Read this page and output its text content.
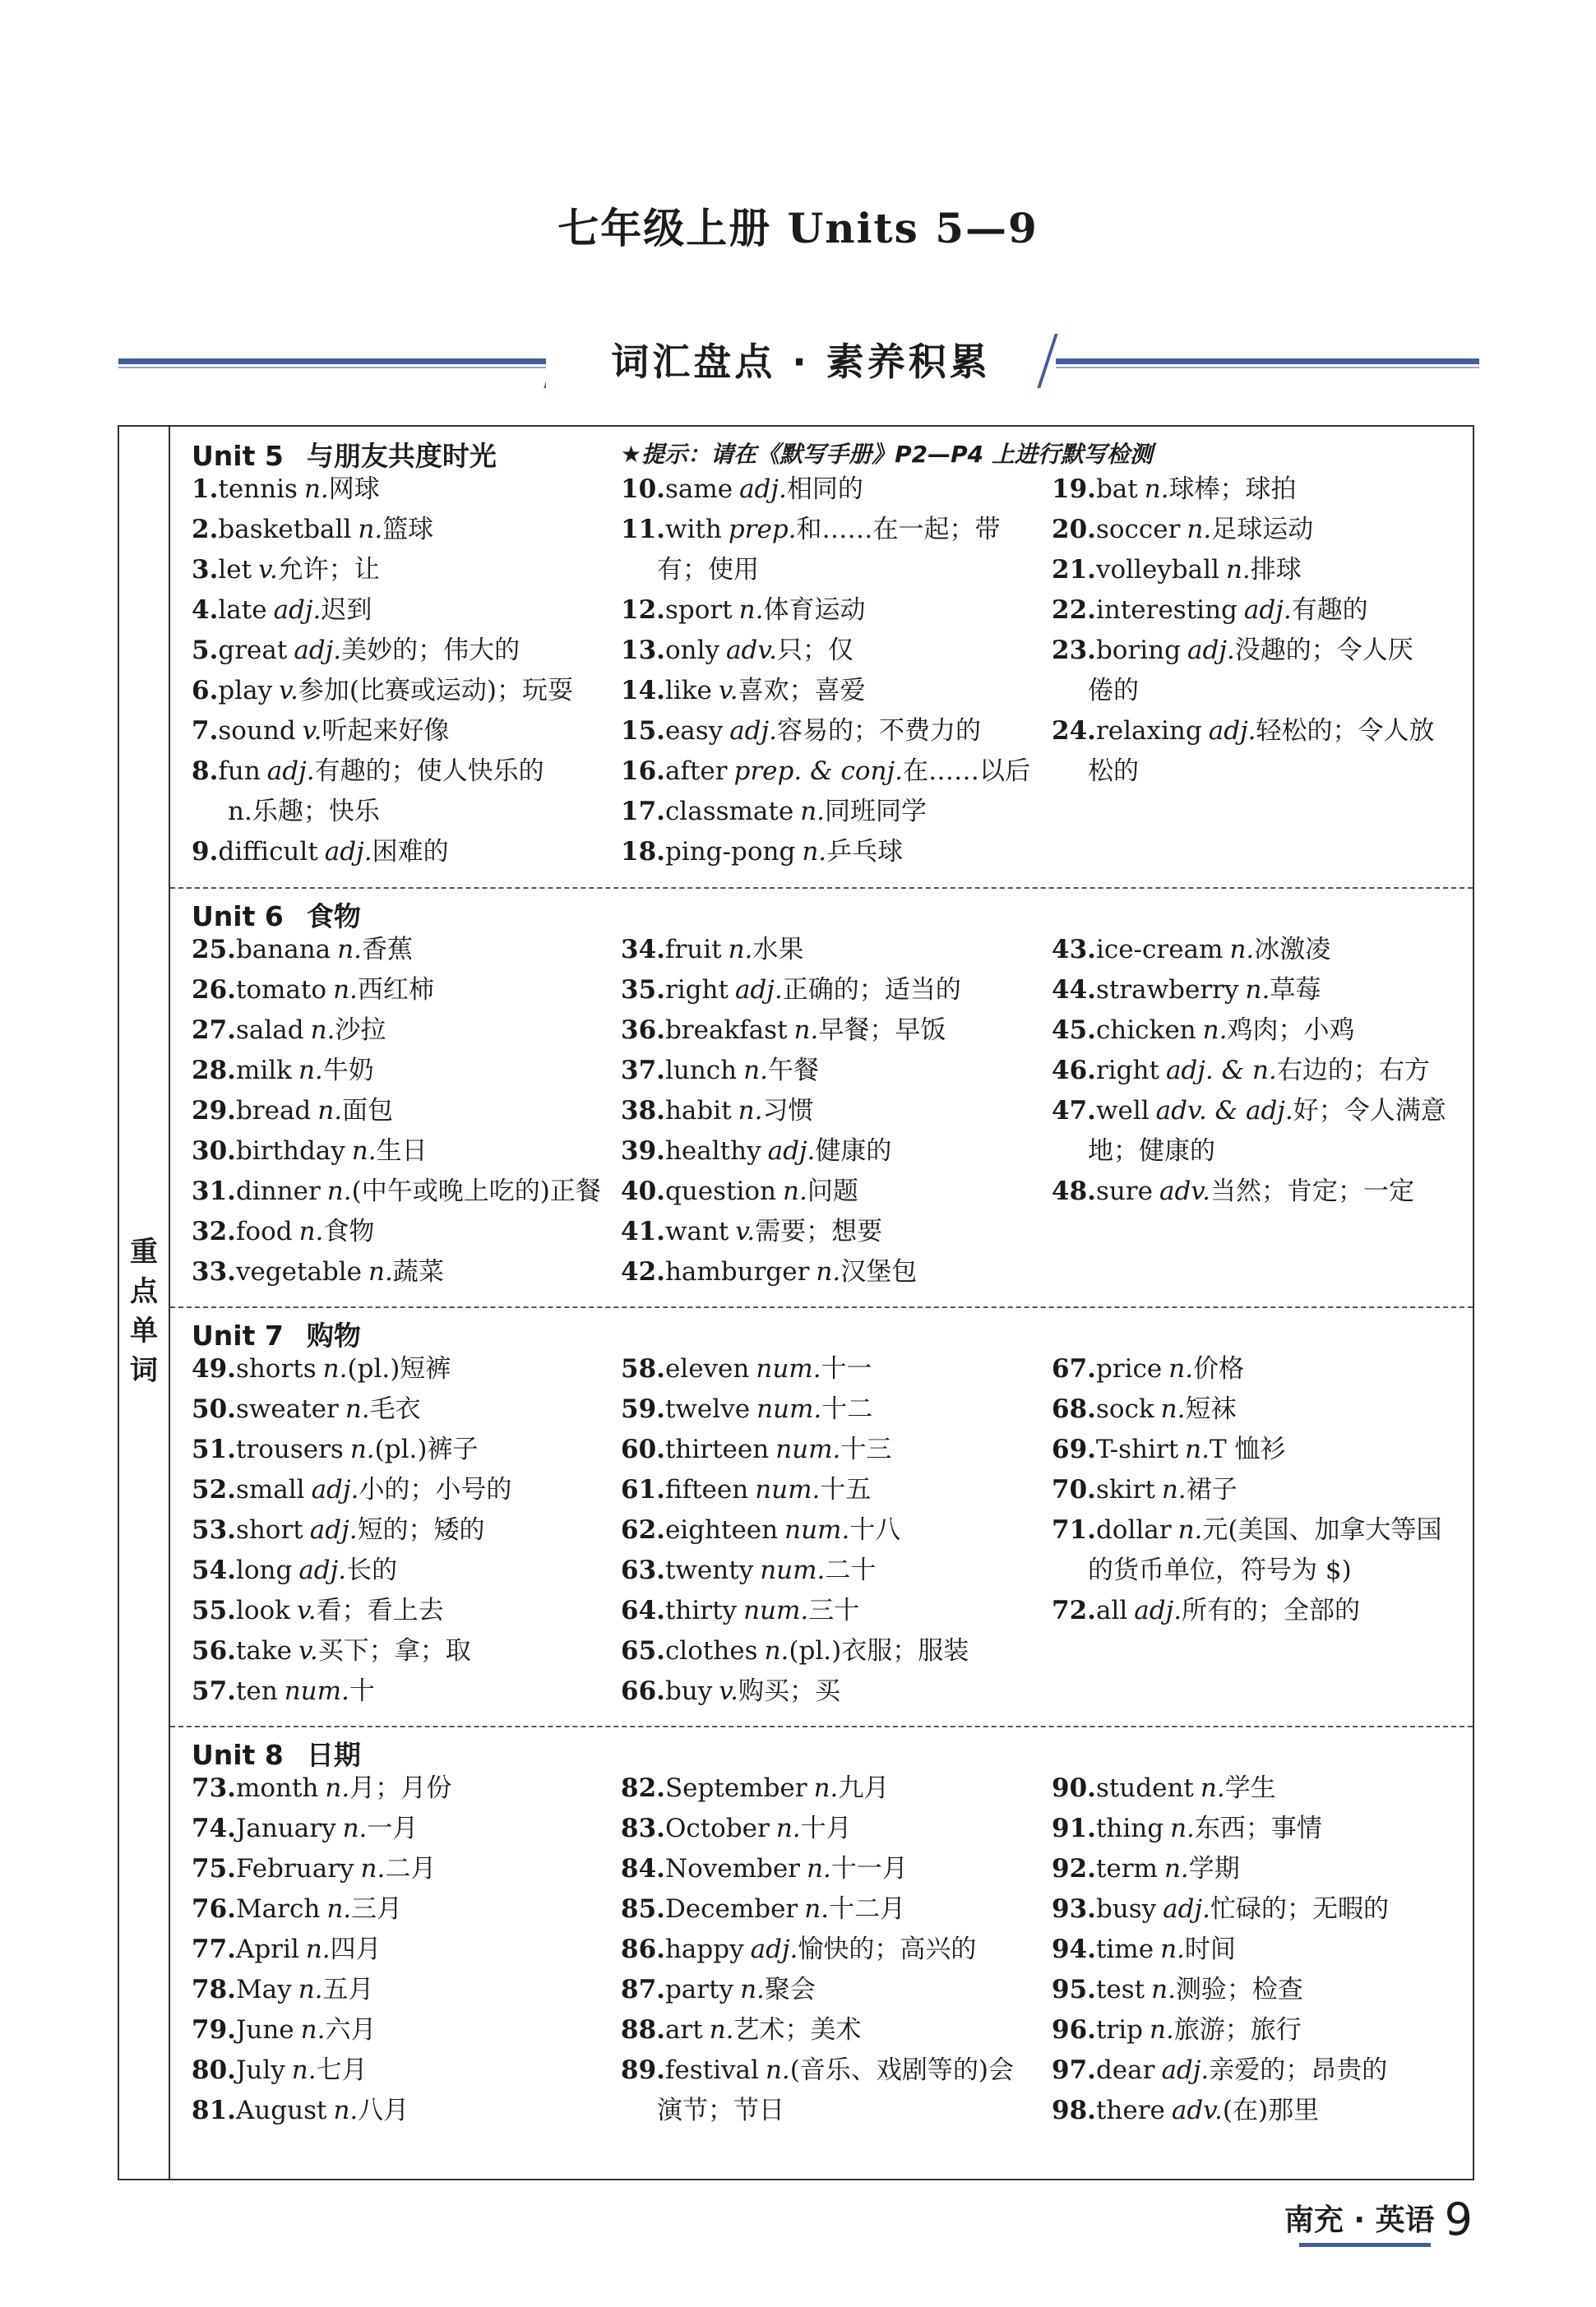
七年级上册 Units 5—9
词汇盘点 · 素养积累
重
点
单
词
Unit 5 与朋友共度时光	★提示：请在《默写手册》P2—P4 上进行默写检测
1.tennis n.网球
2.basketball n.篮球
3.let v.允许；让
4.late adj.迟到
5.great adj.美妙的；伟大的
6.play v.参加(比赛或运动)；玩耍
7.sound v.听起来好像
8.fun adj.有趣的；使人快乐的
n.乐趣；快乐
9.difficult adj.困难的
10.same adj.相同的
11.with prep.和……在一起；带
有；使用
12.sport n.体育运动
13.only adv.只；仅
14.like v.喜欢；喜爱
15.easy adj.容易的；不费力的
16.after prep. & conj.在……以后
17.classmate n.同班同学
18.ping-pong n.乒乓球
19.bat n.球棒；球拍
20.soccer n.足球运动
21.volleyball n.排球
22.interesting adj.有趣的
23.boring adj.没趣的；令人厌
倦的
24.relaxing adj.轻松的；令人放
松的
Unit 6 食物
25.banana n.香蕉
26.tomato n.西红柿
27.salad n.沙拉
28.milk n.牛奶
29.bread n.面包
30.birthday n.生日
31.dinner n.(中午或晚上吃的)正餐
32.food n.食物
33.vegetable n.蔬菜
34.fruit n.水果
35.right adj.正确的；适当的
36.breakfast n.早餐；早饭
37.lunch n.午餐
38.habit n.习惯
39.healthy adj.健康的
40.question n.问题
41.want v.需要；想要
42.hamburger n.汉堡包
43.ice-cream n.冰激凌
44.strawberry n.草莓
45.chicken n.鸡肉；小鸡
46.right adj. & n.右边的；右方
47.well adv. & adj.好；令人满意
地；健康的
48.sure adv.当然；肯定；一定
Unit 7 购物
49.shorts n.(pl.)短裤
50.sweater n.毛衣
51.trousers n.(pl.)裤子
52.small adj.小的；小号的
53.short adj.短的；矮的
54.long adj.长的
55.look v.看；看上去
56.take v.买下；拿；取
57.ten num.十
58.eleven num.十一
59.twelve num.十二
60.thirteen num.十三
61.fifteen num.十五
62.eighteen num.十八
63.twenty num.二十
64.thirty num.三十
65.clothes n.(pl.)衣服；服装
66.buy v.购买；买
67.price n.价格
68.sock n.短袜
69.T-shirt n.T 恤衫
70.skirt n.裙子
71.dollar n.元(美国、加拿大等国
的货币单位，符号为 $)
72.all adj.所有的；全部的
Unit 8 日期
73.month n.月；月份
74.January n.一月
75.February n.二月
76.March n.三月
77.April n.四月
78.May n.五月
79.June n.六月
80.July n.七月
81.August n.八月
82.September n.九月
83.October n.十月
84.November n.十一月
85.December n.十二月
86.happy adj.愉快的；高兴的
87.party n.聚会
88.art n.艺术；美术
89.festival n.(音乐、戏剧等的)会
演节；节日
90.student n.学生
91.thing n.东西；事情
92.term n.学期
93.busy adj.忙碌的；无暇的
94.time n.时间
95.test n.测验；检查
96.trip n.旅游；旅行
97.dear adj.亲爱的；昂贵的
98.there adv.(在)那里
南充 · 英语 9
